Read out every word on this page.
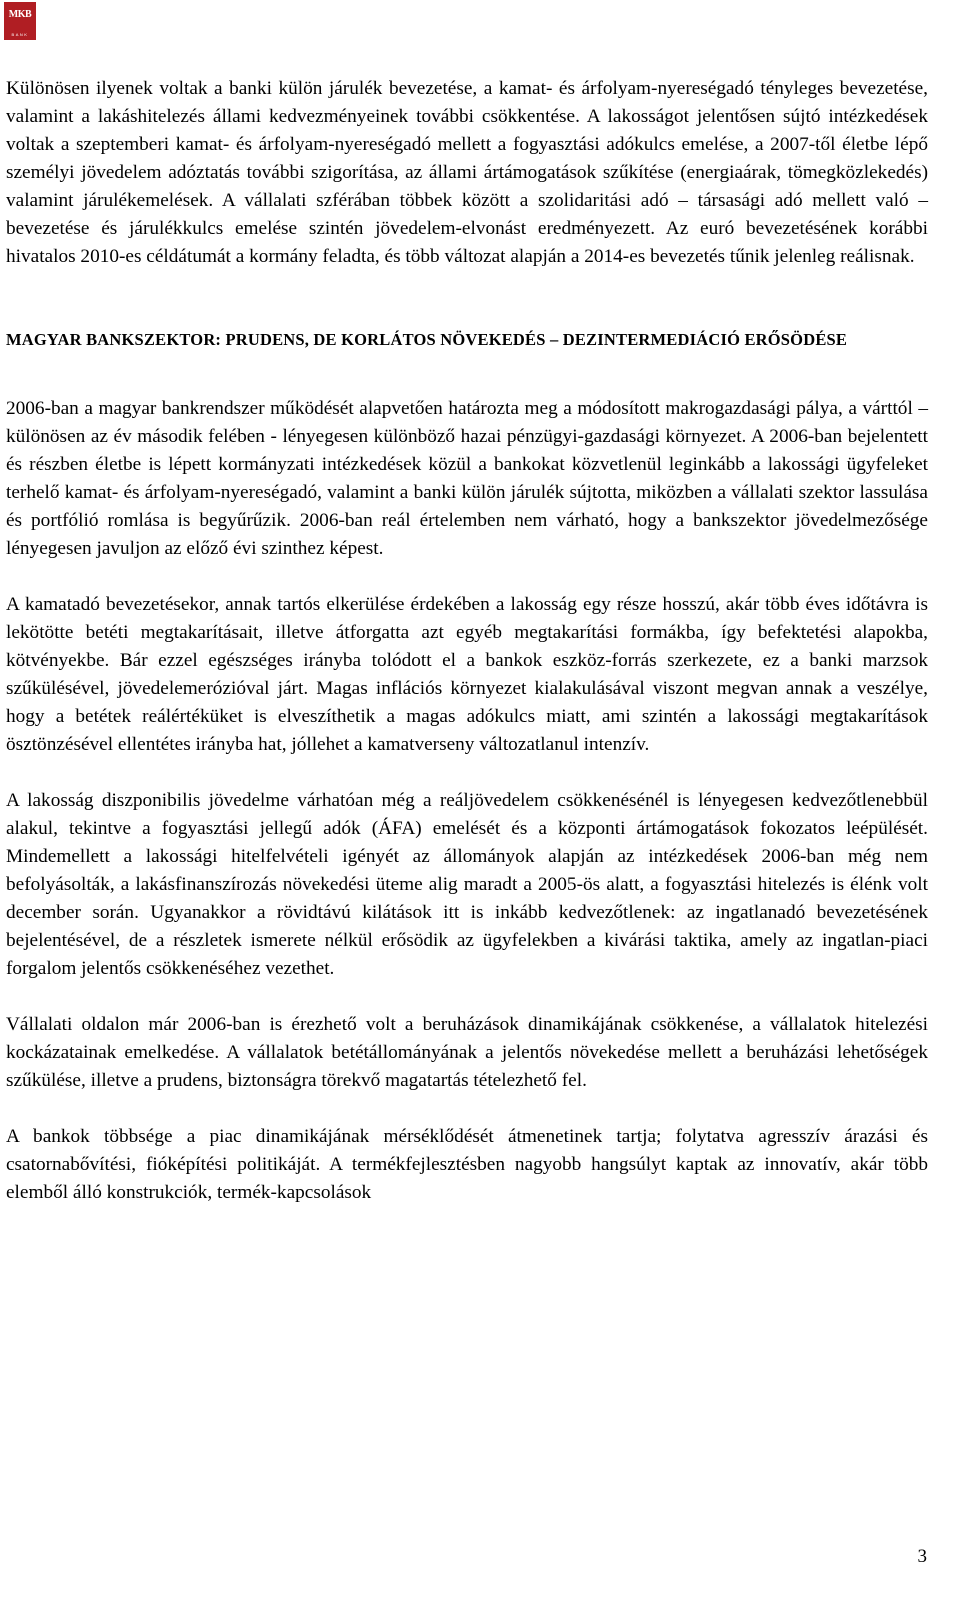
MKB
BANK

Különösen ilyenek voltak a banki külön járulék bevezetése, a kamat- és árfolyam-nyereségadó tényleges bevezetése, valamint a lakáshitelezés állami kedvezményeinek további csökkentése. A lakosságot jelentősen sújtó intézkedések voltak a szeptemberi kamat- és árfolyam-nyereségadó mellett a fogyasztási adókulcs emelése, a 2007-től életbe lépő személyi jövedelem adóztatás további szigorítása, az állami ártámogatások szűkítése (energiaárak, tömegközlekedés) valamint járulékemelések. A vállalati szférában többek között a szolidaritási adó – társasági adó mellett való – bevezetése és járulékkulcs emelése szintén jövedelem-elvonást eredményezett. Az euró bevezetésének korábbi hivatalos 2010-es céldátumát a kormány feladta, és több változat alapján a 2014-es bevezetés tűnik jelenleg reálisnak.

MAGYAR BANKSZEKTOR: PRUDENS, DE KORLÁTOS NÖVEKEDÉS – DEZINTERMEDIÁCIÓ ERŐSÖDÉSE

2006-ban a magyar bankrendszer működését alapvetően határozta meg a módosított makrogazdasági pálya, a várttól – különösen az év második felében - lényegesen különböző hazai pénzügyi-gazdasági környezet. A 2006-ban bejelentett és részben életbe is lépett kormányzati intézkedések közül a bankokat közvetlenül leginkább a lakossági ügyfeleket terhelő kamat- és árfolyam-nyereségadó, valamint a banki külön járulék sújtotta, miközben a vállalati szektor lassulása és portfólió romlása is begyűrűzik. 2006-ban reál értelemben nem várható, hogy a bankszektor jövedelmezősége lényegesen javuljon az előző évi szinthez képest.

A kamatadó bevezetésekor, annak tartós elkerülése érdekében a lakosság egy része hosszú, akár több éves időtávra is lekötötte betéti megtakarításait, illetve átforgatta azt egyéb megtakarítási formákba, így befektetési alapokba, kötvényekbe. Bár ezzel egészséges irányba tolódott el a bankok eszköz-forrás szerkezete, ez a banki marzsok szűkülésével, jövedelemerózióval járt. Magas inflációs környezet kialakulásával viszont megvan annak a veszélye, hogy a betétek reálértéküket is elveszíthetik a magas adókulcs miatt, ami szintén a lakossági megtakarítások ösztönzésével ellentétes irányba hat, jóllehet a kamatverseny változatlanul intenzív.

A lakosság diszponibilis jövedelme várhatóan még a reáljövedelem csökkenésénél is lényegesen kedvezőtlenebbül alakul, tekintve a fogyasztási jellegű adók (ÁFA) emelését és a központi ártámogatások fokozatos leépülését. Mindemellett a lakossági hitelfelvételi igényét az állományok alapján az intézkedések 2006-ban még nem befolyásolták, a lakásfinanszírozás növekedési üteme alig maradt a 2005-ös alatt, a fogyasztási hitelezés is élénk volt december során. Ugyanakkor a rövidtávú kilátások itt is inkább kedvezőtlenek: az ingatlanadó bevezetésének bejelentésével, de a részletek ismerete nélkül erősödik az ügyfelekben a kivárási taktika, amely az ingatlan-piaci forgalom jelentős csökkenéséhez vezethet.

Vállalati oldalon már 2006-ban is érezhető volt a beruházások dinamikájának csökkenése, a vállalatok hitelezési kockázatainak emelkedése. A vállalatok betétállományának a jelentős növekedése mellett a beruházási lehetőségek szűkülése, illetve a prudens, biztonságra törekvő magatartás tételezhető fel.

A bankok többsége a piac dinamikájának mérséklődését átmenetinek tartja; folytatva agresszív árazási és csatornabővítési, fióképítési politikáját. A termékfejlesztésben nagyobb hangsúlyt kaptak az innovatív, akár több elemből álló konstrukciók, termék-kapcsolások

3
